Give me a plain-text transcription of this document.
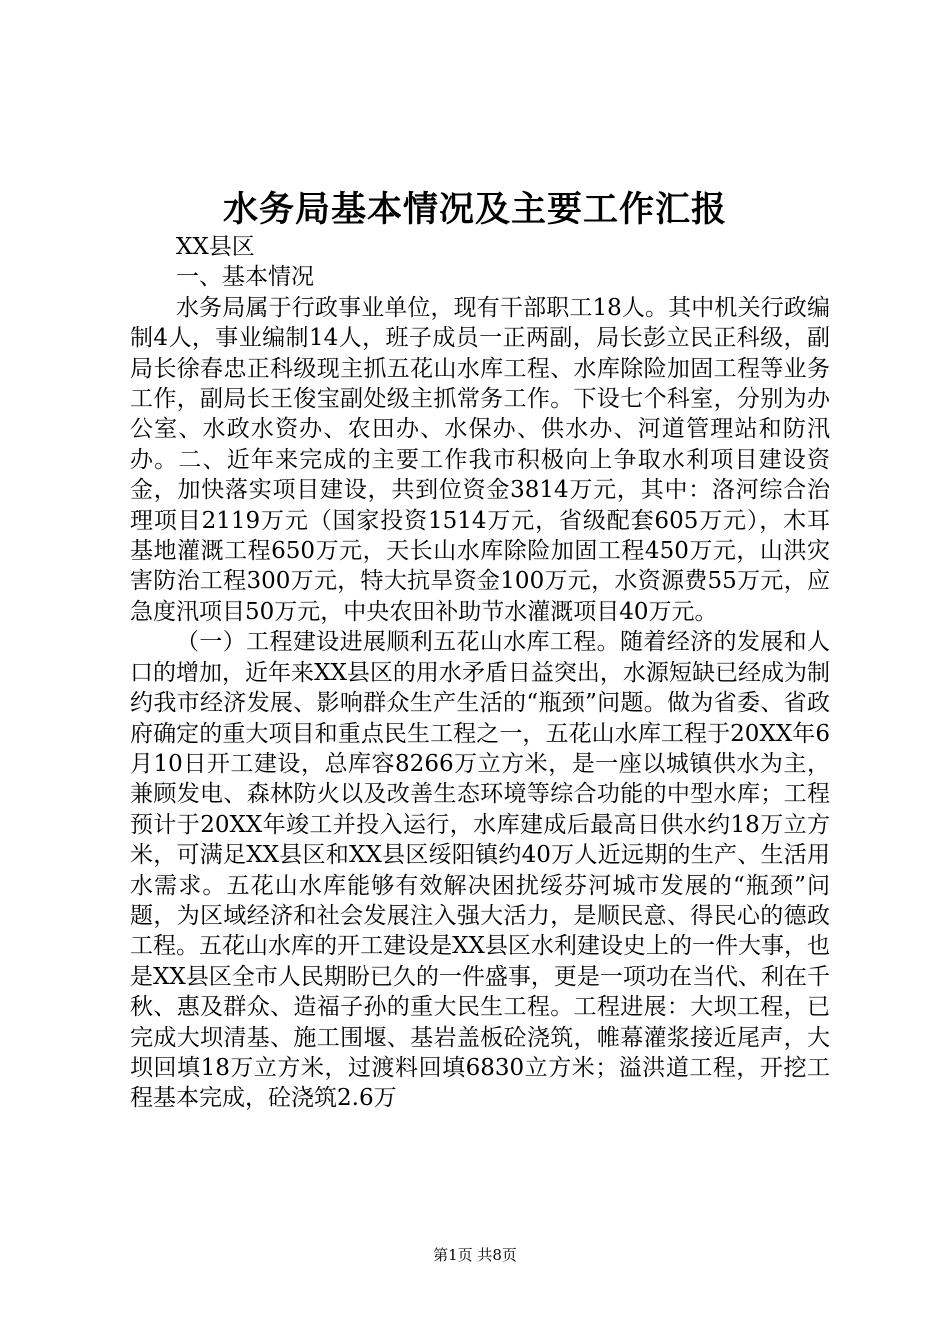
水务局基本情况及主要工作汇报

XX县区

一、基本情况

水务局属于行政事业单位，现有干部职工18人。其中机关行政编制4人，事业编制14人，班子成员一正两副，局长彭立民正科级，副局长徐春忠正科级现主抓五花山水库工程、水库除险加固工程等业务工作，副局长王俊宝副处级主抓常务工作。下设七个科室，分别为办公室、水政水资办、农田办、水保办、供水办、河道管理站和防汛办。二、近年来完成的主要工作我市积极向上争取水利项目建设资金，加快落实项目建设，共到位资金3814万元，其中：洛河综合治理项目2119万元（国家投资1514万元，省级配套605万元），木耳基地灌溉工程650万元，天长山水库除险加固工程450万元，山洪灾害防治工程300万元，特大抗旱资金100万元，水资源费55万元，应急度汛项目50万元，中央农田补助节水灌溉项目40万元。

（一）工程建设进展顺利五花山水库工程。随着经济的发展和人口的增加，近年来XX县区的用水矛盾日益突出，水源短缺已经成为制约我市经济发展、影响群众生产生活的“瓶颈”问题。做为省委、省政府确定的重大项目和重点民生工程之一，五花山水库工程于20XX年6月10日开工建设，总库容8266万立方米，是一座以城镇供水为主，兼顾发电、森林防火以及改善生态环境等综合功能的中型水库；工程预计于20XX年竣工并投入运行，水库建成后最高日供水约18万立方米，可满足XX县区和XX县区绥阳镇约40万人近远期的生产、生活用水需求。五花山水库能够有效解决困扰绥芬河城市发展的“瓶颈”问题，为区域经济和社会发展注入强大活力，是顺民意、得民心的德政工程。五花山水库的开工建设是XX县区水利建设史上的一件大事，也是XX县区全市人民期盼已久的一件盛事，更是一项功在当代、利在千秋、惠及群众、造福子孙的重大民生工程。工程进展：大坝工程，已完成大坝清基、施工围堰、基岩盖板砼浇筑，帷幕灌浆接近尾声，大坝回填18万立方米，过渡料回填6830立方米；溢洪道工程，开挖工程基本完成，砼浇筑2.6万

第1页 共8页
